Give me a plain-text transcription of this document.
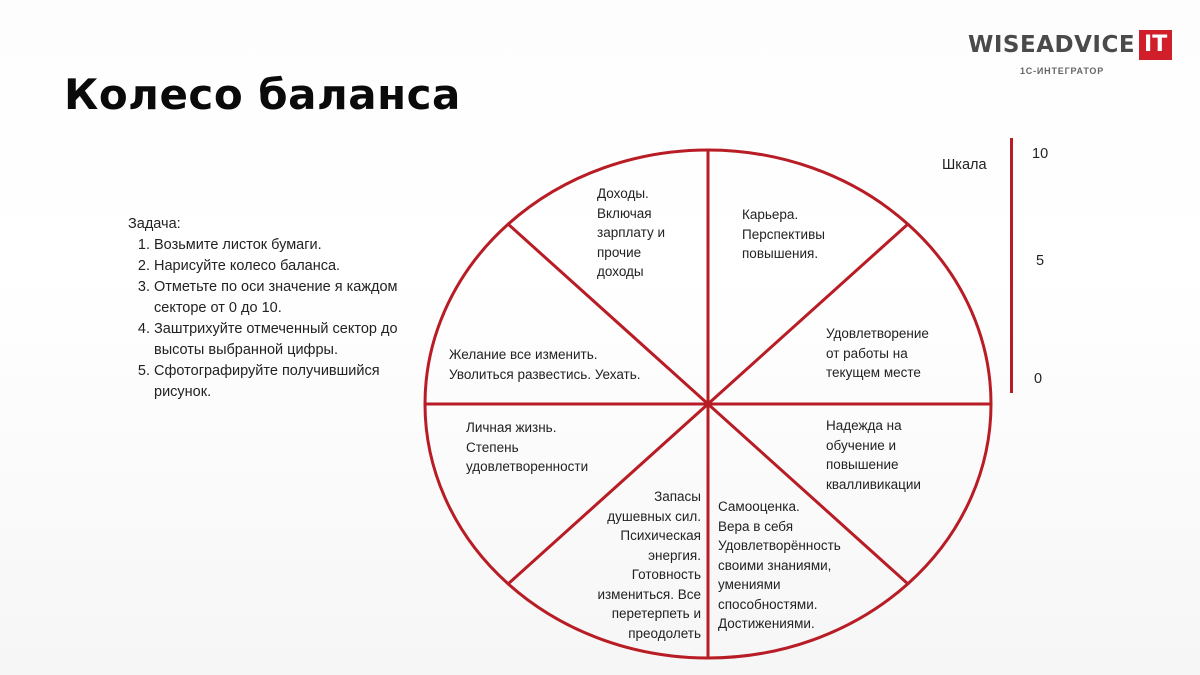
Колесо баланса
WISEADVICE IT
1С-ИНТЕГРАТОР
Задача:
1. Возьмите листок бумаги.
2. Нарисуйте колесо баланса.
3. Отметьте по оси значение я каждом секторе от 0 до 10.
4. Заштрихуйте отмеченный сектор до высоты выбранной цифры.
5. Сфотографируйте получившийся рисунок.
Шкала
10
5
0
Доходы.
Включая
зарплату и
прочие
доходы
Карьера.
Перспективы
повышения.
Удовлетворение
от работы на
текущем месте
Надежда на
обучение и
повышение
квалливикации
Самооценка.
Вера в себя
Удовлетворённость
своими знаниями,
умениями
способностями.
Достижениями.
Запасы
душевных сил.
Психическая
энергия.
Готовность
измениться. Все
перетерпеть и
преодолеть
Личная жизнь.
Степень
удовлетворенности
Желание все изменить.
Уволиться развестись. Уехать.
